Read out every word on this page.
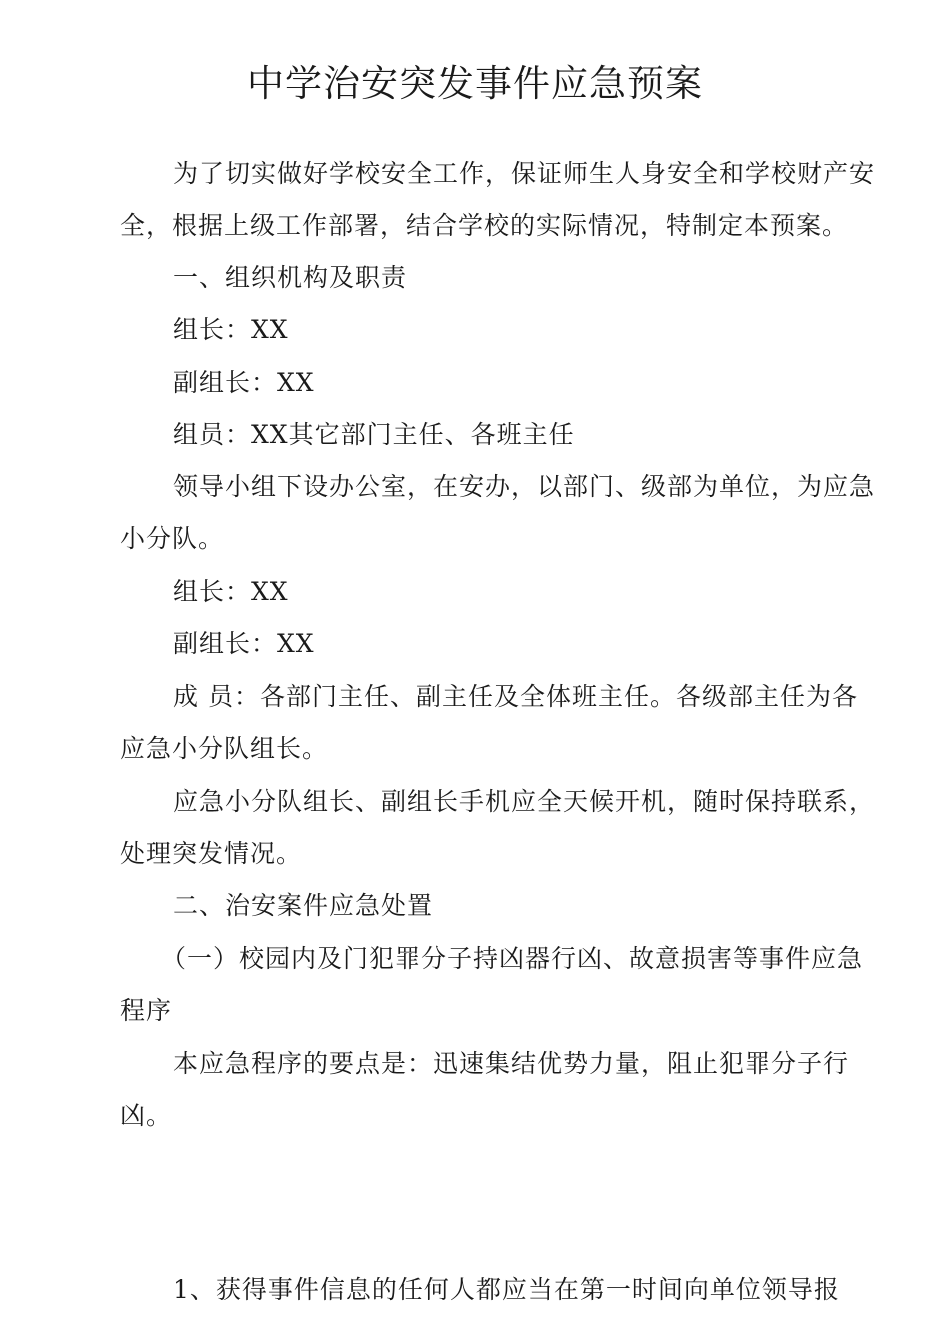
中学治安突发事件应急预案
为了切实做好学校安全工作，保证师生人身安全和学校财产安
全，根据上级工作部署，结合学校的实际情况，特制定本预案。
一、组织机构及职责
组长：XX
副组长：XX
组员：XX其它部门主任、各班主任
领导小组下设办公室，在安办，以部门、级部为单位，为应急
小分队。
组长：XX
副组长：XX
成 员：各部门主任、副主任及全体班主任。各级部主任为各
应急小分队组长。
应急小分队组长、副组长手机应全天候开机，随时保持联系，
处理突发情况。
二、治安案件应急处置
（一）校园内及门犯罪分子持凶器行凶、故意损害等事件应急
程序
本应急程序的要点是：迅速集结优势力量，阻止犯罪分子行
凶。
1、获得事件信息的任何人都应当在第一时间向单位领导报
